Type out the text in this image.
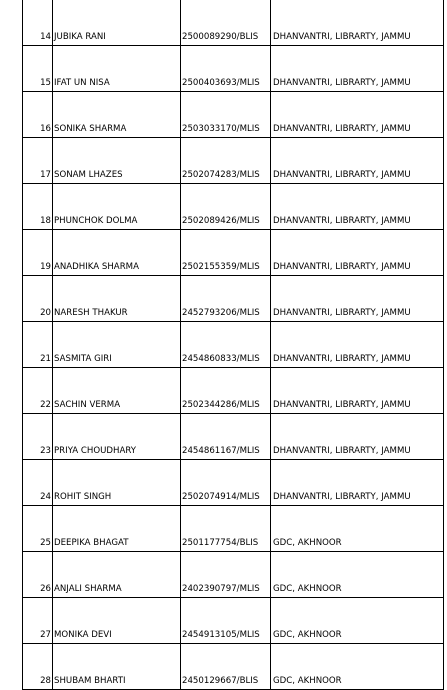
14	JUBIKA RANI	2500089290/BLIS	DHANVANTRI, LIBRARTY, JAMMU
15	IFAT UN NISA	2500403693/MLIS	DHANVANTRI, LIBRARTY, JAMMU
16	SONIKA SHARMA	2503033170/MLIS	DHANVANTRI, LIBRARTY, JAMMU
17	SONAM LHAZES	2502074283/MLIS	DHANVANTRI, LIBRARTY, JAMMU
18	PHUNCHOK DOLMA	2502089426/MLIS	DHANVANTRI, LIBRARTY, JAMMU
19	ANADHIKA SHARMA	2502155359/MLIS	DHANVANTRI, LIBRARTY, JAMMU
20	NARESH THAKUR	2452793206/MLIS	DHANVANTRI, LIBRARTY, JAMMU
21	SASMITA GIRI	2454860833/MLIS	DHANVANTRI, LIBRARTY, JAMMU
22	SACHIN VERMA	2502344286/MLIS	DHANVANTRI, LIBRARTY, JAMMU
23	PRIYA CHOUDHARY	2454861167/MLIS	DHANVANTRI, LIBRARTY, JAMMU
24	ROHIT SINGH	2502074914/MLIS	DHANVANTRI, LIBRARTY, JAMMU
25	DEEPIKA BHAGAT	2501177754/BLIS	GDC, AKHNOOR
26	ANJALI SHARMA	2402390797/MLIS	GDC, AKHNOOR
27	MONIKA DEVI	2454913105/MLIS	GDC, AKHNOOR
28	SHUBAM BHARTI	2450129667/BLIS	GDC, AKHNOOR
